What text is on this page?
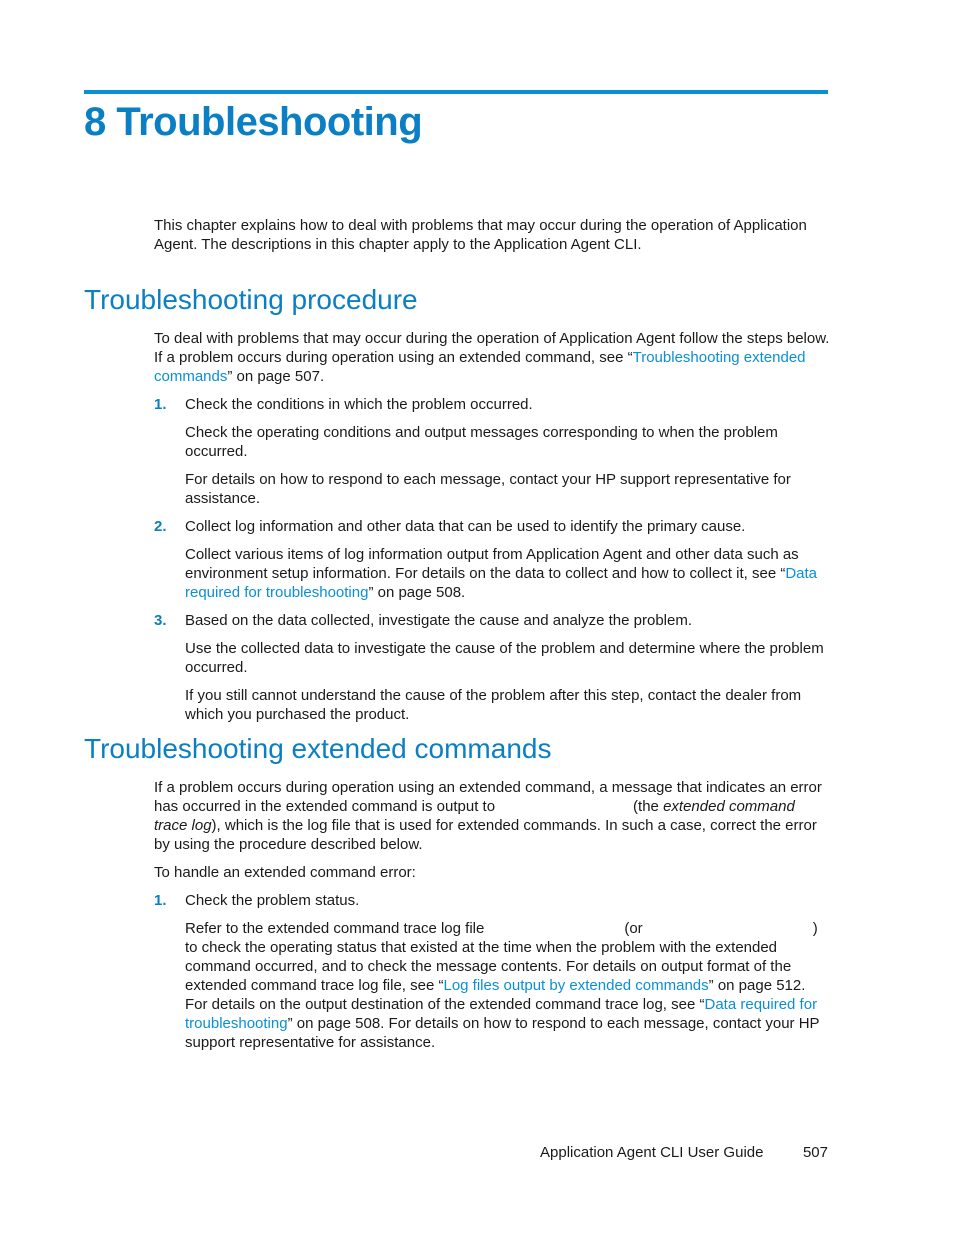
8 Troubleshooting

This chapter explains how to deal with problems that may occur during the operation of Application Agent. The descriptions in this chapter apply to the Application Agent CLI.

Troubleshooting procedure

To deal with problems that may occur during the operation of Application Agent follow the steps below. If a problem occurs during operation using an extended command, see “Troubleshooting extended commands” on page 507.

1. Check the conditions in which the problem occurred.

Check the operating conditions and output messages corresponding to when the problem occurred.

For details on how to respond to each message, contact your HP support representative for assistance.

2. Collect log information and other data that can be used to identify the primary cause.

Collect various items of log information output from Application Agent and other data such as environment setup information. For details on the data to collect and how to collect it, see “Data required for troubleshooting” on page 508.

3. Based on the data collected, investigate the cause and analyze the problem.

Use the collected data to investigate the cause of the problem and determine where the problem occurred.

If you still cannot understand the cause of the problem after this step, contact the dealer from which you purchased the product.

Troubleshooting extended commands

If a problem occurs during operation using an extended command, a message that indicates an error has occurred in the extended command is output to	(the extended command trace log), which is the log file that is used for extended commands. In such a case, correct the error by using the procedure described below.

To handle an extended command error:

1. Check the problem status.

Refer to the extended command trace log file	(or	) to check the operating status that existed at the time when the problem with the extended command occurred, and to check the message contents. For details on output format of the extended command trace log file, see “Log files output by extended commands” on page 512. For details on the output destination of the extended command trace log, see “Data required for troubleshooting” on page 508. For details on how to respond to each message, contact your HP support representative for assistance.

Application Agent CLI User Guide	507
